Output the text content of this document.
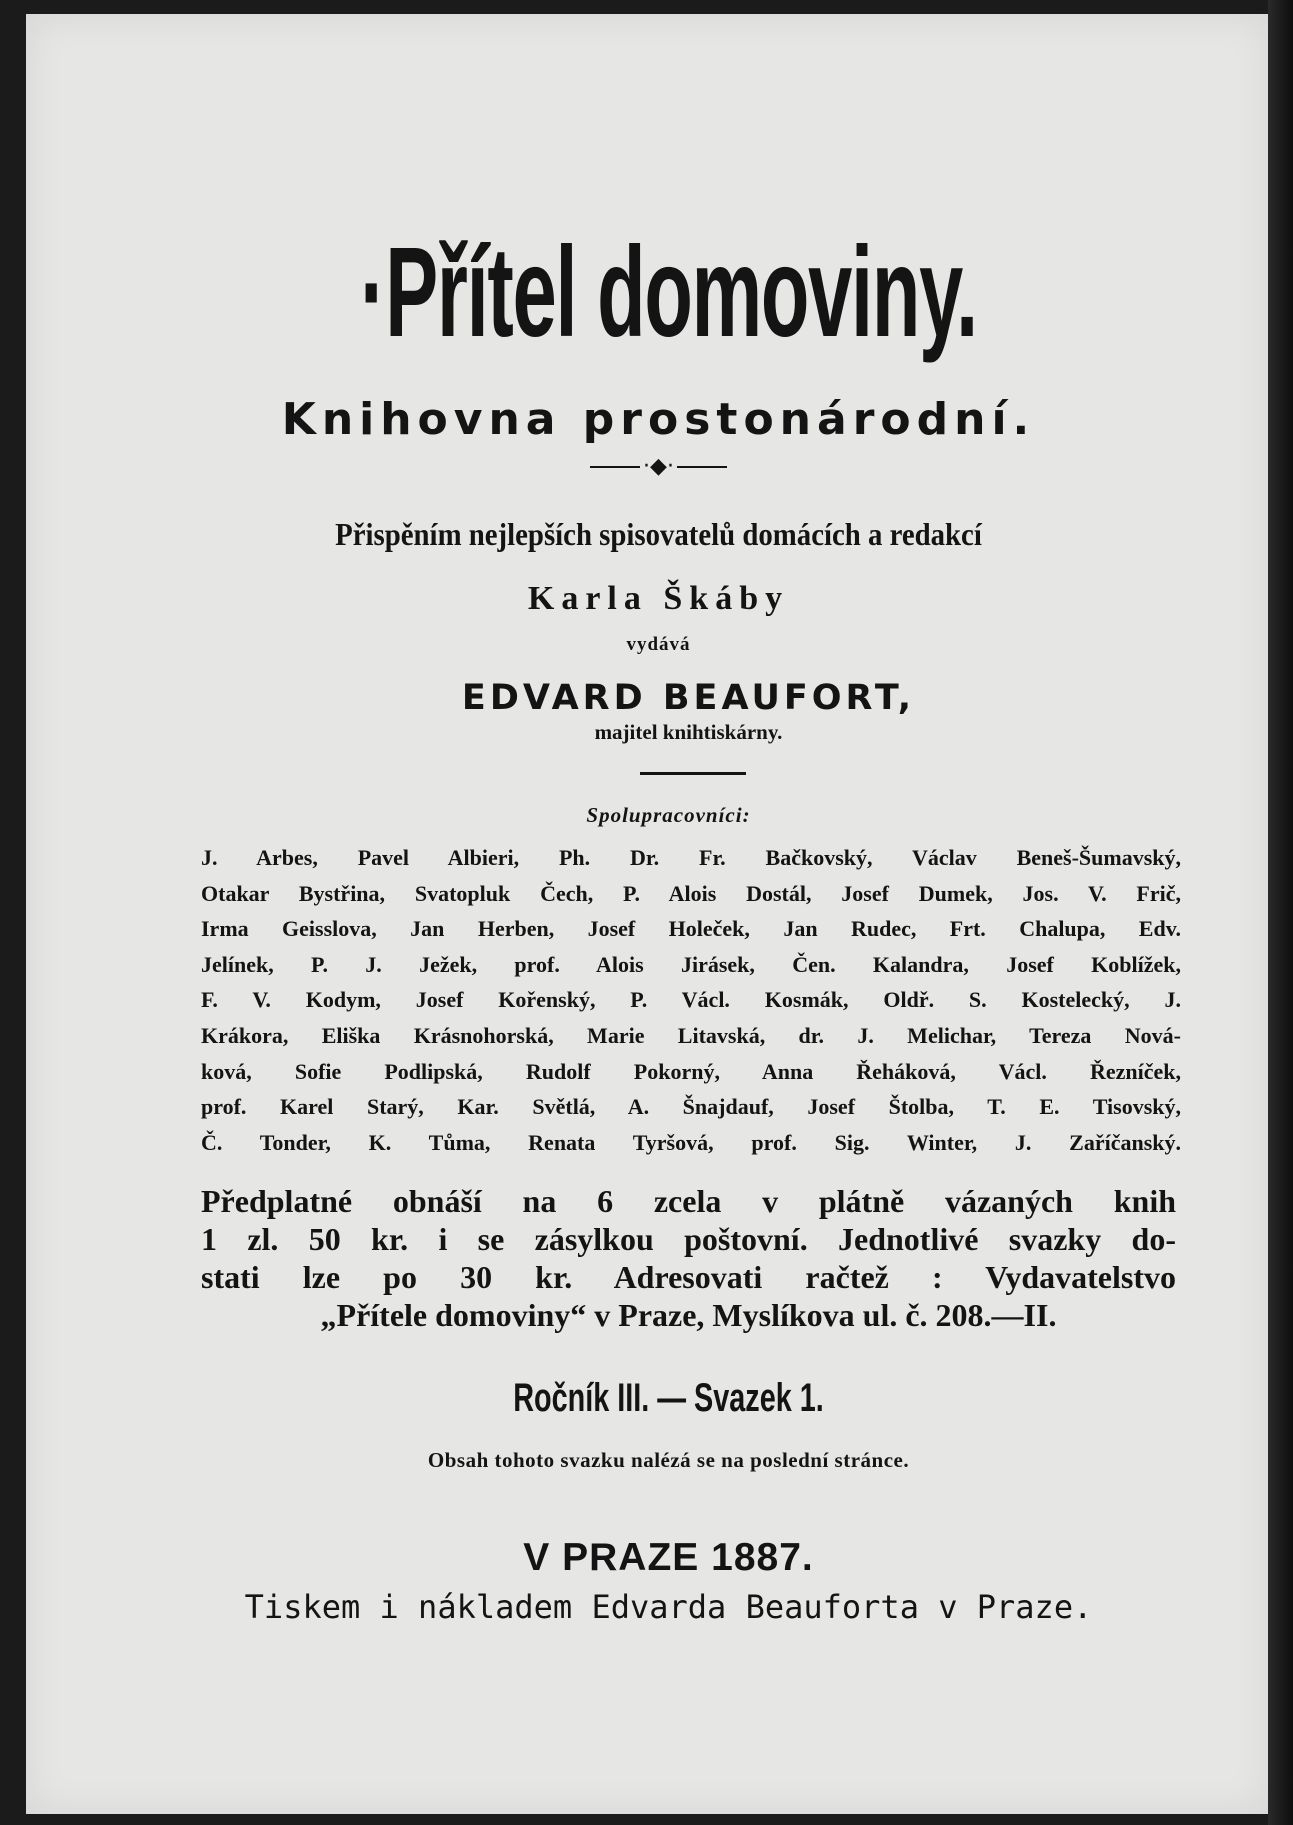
·Přítel domoviny.
Knihovna prostonárodní.
·◆·
Přispěním nejlepších spisovatelů domácích a redakcí
Karla Škáby
vydává
EDVARD BEAUFORT,
majitel knihtiskárny.
Spolupracovníci:
J. Arbes, Pavel Albieri, Ph. Dr. Fr. Bačkovský, Václav Beneš-Šumavský,
Otakar Bystřina, Svatopluk Čech, P. Alois Dostál, Josef Dumek, Jos. V. Frič,
Irma Geisslova, Jan Herben, Josef Holeček, Jan Rudec, Frt. Chalupa, Edv.
Jelínek, P. J. Ježek, prof. Alois Jirásek, Čen. Kalandra, Josef Koblížek,
F. V. Kodym, Josef Kořenský, P. Václ. Kosmák, Oldř. S. Kostelecký, J.
Krákora, Eliška Krásnohorská, Marie Litavská, dr. J. Melichar, Tereza Nová-
ková, Sofie Podlipská, Rudolf Pokorný, Anna Řeháková, Václ. Řezníček,
prof. Karel Starý, Kar. Světlá, A. Šnajdauf, Josef Štolba, T. E. Tisovský,
Č. Tonder, K. Tůma, Renata Tyršová, prof. Sig. Winter, J. Zaříčanský.
Předplatné obnáší na 6 zcela v plátně vázaných knih
1 zl. 50 kr. i se zásylkou poštovní. Jednotlivé svazky do-
stati lze po 30 kr. Adresovati račtež : Vydavatelstvo
„Přítele domoviny“ v Praze, Myslíkova ul. č. 208.—II.
Ročník III. — Svazek 1.
Obsah tohoto svazku nalézá se na poslední stránce.
V PRAZE 1887.
Tiskem i nákladem Edvarda Beauforta v Praze.
